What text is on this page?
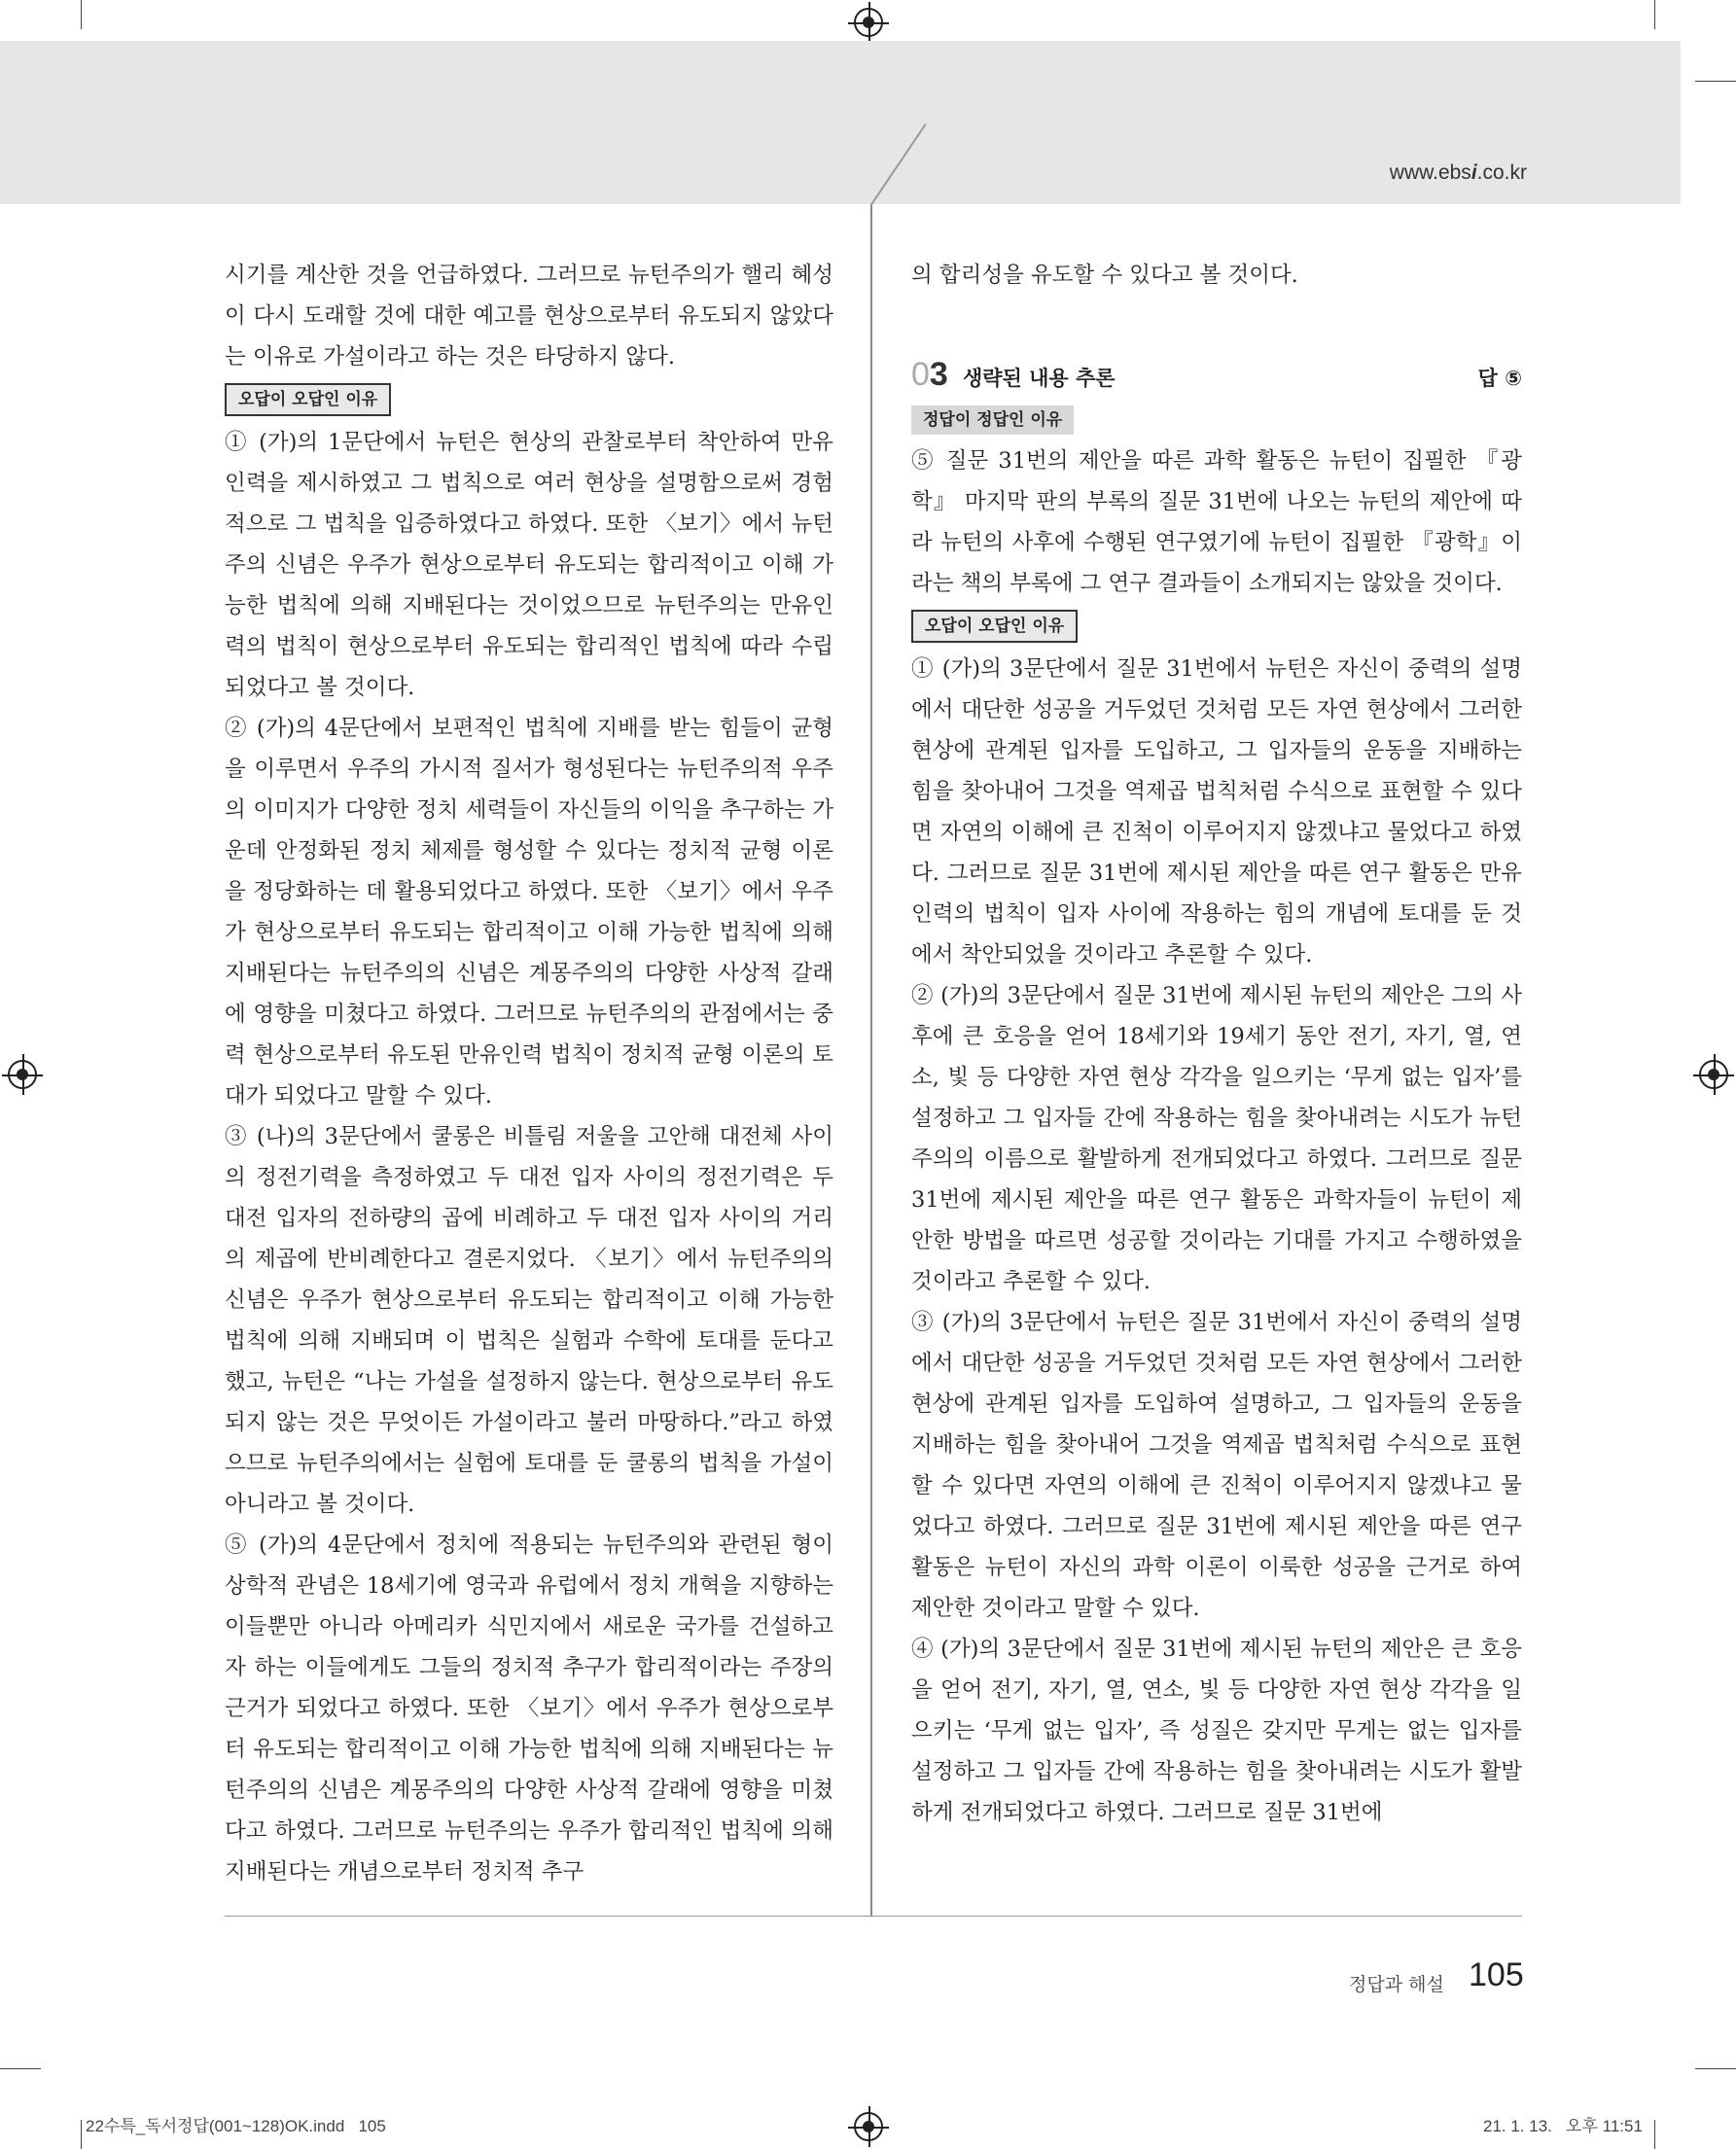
www.ebsi.co.kr

시기를 계산한 것을 언급하였다. 그러므로 뉴턴주의가 핼리 혜성이 다시 도래할 것에 대한 예고를 현상으로부터 유도되지 않았다는 이유로 가설이라고 하는 것은 타당하지 않다.

오답이 오답인 이유

① (가)의 1문단에서 뉴턴은 현상의 관찰로부터 착안하여 만유인력을 제시하였고 그 법칙으로 여러 현상을 설명함으로써 경험적으로 그 법칙을 입증하였다고 하였다. 또한 〈보기〉에서 뉴턴주의 신념은 우주가 현상으로부터 유도되는 합리적이고 이해 가능한 법칙에 의해 지배된다는 것이었으므로 뉴턴주의는 만유인력의 법칙이 현상으로부터 유도되는 합리적인 법칙에 따라 수립되었다고 볼 것이다.

② (가)의 4문단에서 보편적인 법칙에 지배를 받는 힘들이 균형을 이루면서 우주의 가시적 질서가 형성된다는 뉴턴주의적 우주의 이미지가 다양한 정치 세력들이 자신들의 이익을 추구하는 가운데 안정화된 정치 체제를 형성할 수 있다는 정치적 균형 이론을 정당화하는 데 활용되었다고 하였다. 또한 〈보기〉에서 우주가 현상으로부터 유도되는 합리적이고 이해 가능한 법칙에 의해 지배된다는 뉴턴주의의 신념은 계몽주의의 다양한 사상적 갈래에 영향을 미쳤다고 하였다. 그러므로 뉴턴주의의 관점에서는 중력 현상으로부터 유도된 만유인력 법칙이 정치적 균형 이론의 토대가 되었다고 말할 수 있다.

③ (나)의 3문단에서 쿨롱은 비틀림 저울을 고안해 대전체 사이의 정전기력을 측정하였고 두 대전 입자 사이의 정전기력은 두 대전 입자의 전하량의 곱에 비례하고 두 대전 입자 사이의 거리의 제곱에 반비례한다고 결론지었다. 〈보기〉에서 뉴턴주의의 신념은 우주가 현상으로부터 유도되는 합리적이고 이해 가능한 법칙에 의해 지배되며 이 법칙은 실험과 수학에 토대를 둔다고 했고, 뉴턴은 “나는 가설을 설정하지 않는다. 현상으로부터 유도되지 않는 것은 무엇이든 가설이라고 불러 마땅하다.”라고 하였으므로 뉴턴주의에서는 실험에 토대를 둔 쿨롱의 법칙을 가설이 아니라고 볼 것이다.

⑤ (가)의 4문단에서 정치에 적용되는 뉴턴주의와 관련된 형이상학적 관념은 18세기에 영국과 유럽에서 정치 개혁을 지향하는 이들뿐만 아니라 아메리카 식민지에서 새로운 국가를 건설하고자 하는 이들에게도 그들의 정치적 추구가 합리적이라는 주장의 근거가 되었다고 하였다. 또한 〈보기〉에서 우주가 현상으로부터 유도되는 합리적이고 이해 가능한 법칙에 의해 지배된다는 뉴턴주의의 신념은 계몽주의의 다양한 사상적 갈래에 영향을 미쳤다고 하였다. 그러므로 뉴턴주의는 우주가 합리적인 법칙에 의해 지배된다는 개념으로부터 정치적 추구

의 합리성을 유도할 수 있다고 볼 것이다.

03 생략된 내용 추론	답 ⑤
정답이 정답인 이유

⑤ 질문 31번의 제안을 따른 과학 활동은 뉴턴이 집필한 『광학』 마지막 판의 부록의 질문 31번에 나오는 뉴턴의 제안에 따라 뉴턴의 사후에 수행된 연구였기에 뉴턴이 집필한 『광학』이라는 책의 부록에 그 연구 결과들이 소개되지는 않았을 것이다.

오답이 오답인 이유

① (가)의 3문단에서 질문 31번에서 뉴턴은 자신이 중력의 설명에서 대단한 성공을 거두었던 것처럼 모든 자연 현상에서 그러한 현상에 관계된 입자를 도입하고, 그 입자들의 운동을 지배하는 힘을 찾아내어 그것을 역제곱 법칙처럼 수식으로 표현할 수 있다면 자연의 이해에 큰 진척이 이루어지지 않겠냐고 물었다고 하였다. 그러므로 질문 31번에 제시된 제안을 따른 연구 활동은 만유인력의 법칙이 입자 사이에 작용하는 힘의 개념에 토대를 둔 것에서 착안되었을 것이라고 추론할 수 있다.

② (가)의 3문단에서 질문 31번에 제시된 뉴턴의 제안은 그의 사후에 큰 호응을 얻어 18세기와 19세기 동안 전기, 자기, 열, 연소, 빛 등 다양한 자연 현상 각각을 일으키는 ‘무게 없는 입자’를 설정하고 그 입자들 간에 작용하는 힘을 찾아내려는 시도가 뉴턴주의의 이름으로 활발하게 전개되었다고 하였다. 그러므로 질문 31번에 제시된 제안을 따른 연구 활동은 과학자들이 뉴턴이 제안한 방법을 따르면 성공할 것이라는 기대를 가지고 수행하였을 것이라고 추론할 수 있다.

③ (가)의 3문단에서 뉴턴은 질문 31번에서 자신이 중력의 설명에서 대단한 성공을 거두었던 것처럼 모든 자연 현상에서 그러한 현상에 관계된 입자를 도입하여 설명하고, 그 입자들의 운동을 지배하는 힘을 찾아내어 그것을 역제곱 법칙처럼 수식으로 표현할 수 있다면 자연의 이해에 큰 진척이 이루어지지 않겠냐고 물었다고 하였다. 그러므로 질문 31번에 제시된 제안을 따른 연구 활동은 뉴턴이 자신의 과학 이론이 이룩한 성공을 근거로 하여 제안한 것이라고 말할 수 있다.

④ (가)의 3문단에서 질문 31번에 제시된 뉴턴의 제안은 큰 호응을 얻어 전기, 자기, 열, 연소, 빛 등 다양한 자연 현상 각각을 일으키는 ‘무게 없는 입자’, 즉 성질은 갖지만 무게는 없는 입자를 설정하고 그 입자들 간에 작용하는 힘을 찾아내려는 시도가 활발하게 전개되었다고 하였다. 그러므로 질문 31번에

정답과 해설 105
22수특_독서정답(001~128)OK.indd   105	21. 1. 13.   오후 11:51
